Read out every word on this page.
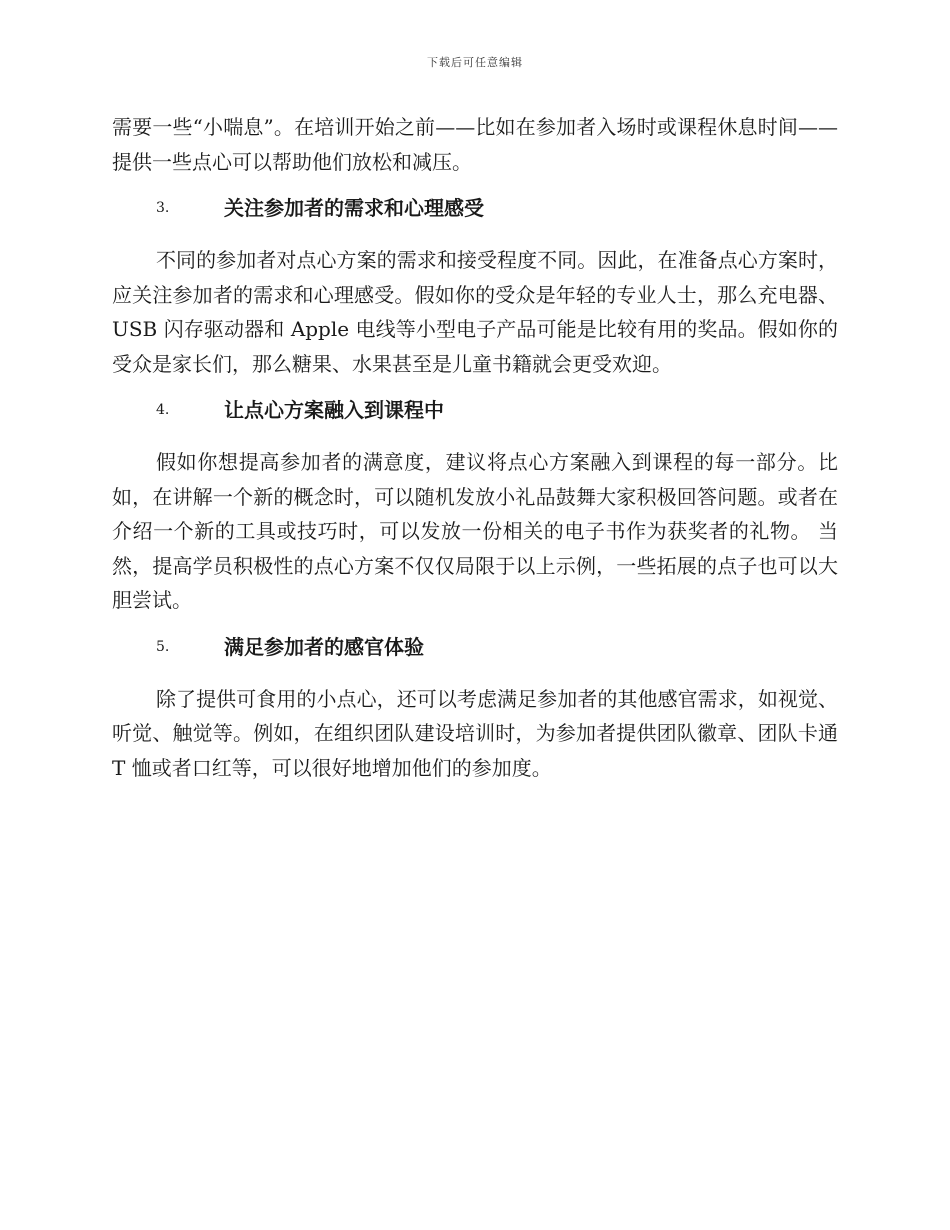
下载后可任意编辑

需要一些“小喘息”。在培训开始之前——比如在参加者入场时或课程休息时间——提供一些点心可以帮助他们放松和减压。

3.	关注参加者的需求和心理感受

不同的参加者对点心方案的需求和接受程度不同。因此，在准备点心方案时，应关注参加者的需求和心理感受。假如你的受众是年轻的专业人士，那么充电器、USB 闪存驱动器和 Apple 电线等小型电子产品可能是比较有用的奖品。假如你的受众是家长们，那么糖果、水果甚至是儿童书籍就会更受欢迎。

4.	让点心方案融入到课程中

假如你想提高参加者的满意度，建议将点心方案融入到课程的每一部分。比如，在讲解一个新的概念时，可以随机发放小礼品鼓舞大家积极回答问题。或者在介绍一个新的工具或技巧时，可以发放一份相关的电子书作为获奖者的礼物。 当然，提高学员积极性的点心方案不仅仅局限于以上示例，一些拓展的点子也可以大胆尝试。

5.	满足参加者的感官体验

除了提供可食用的小点心，还可以考虑满足参加者的其他感官需求，如视觉、听觉、触觉等。例如，在组织团队建设培训时，为参加者提供团队徽章、团队卡通 T 恤或者口红等，可以很好地增加他们的参加度。
